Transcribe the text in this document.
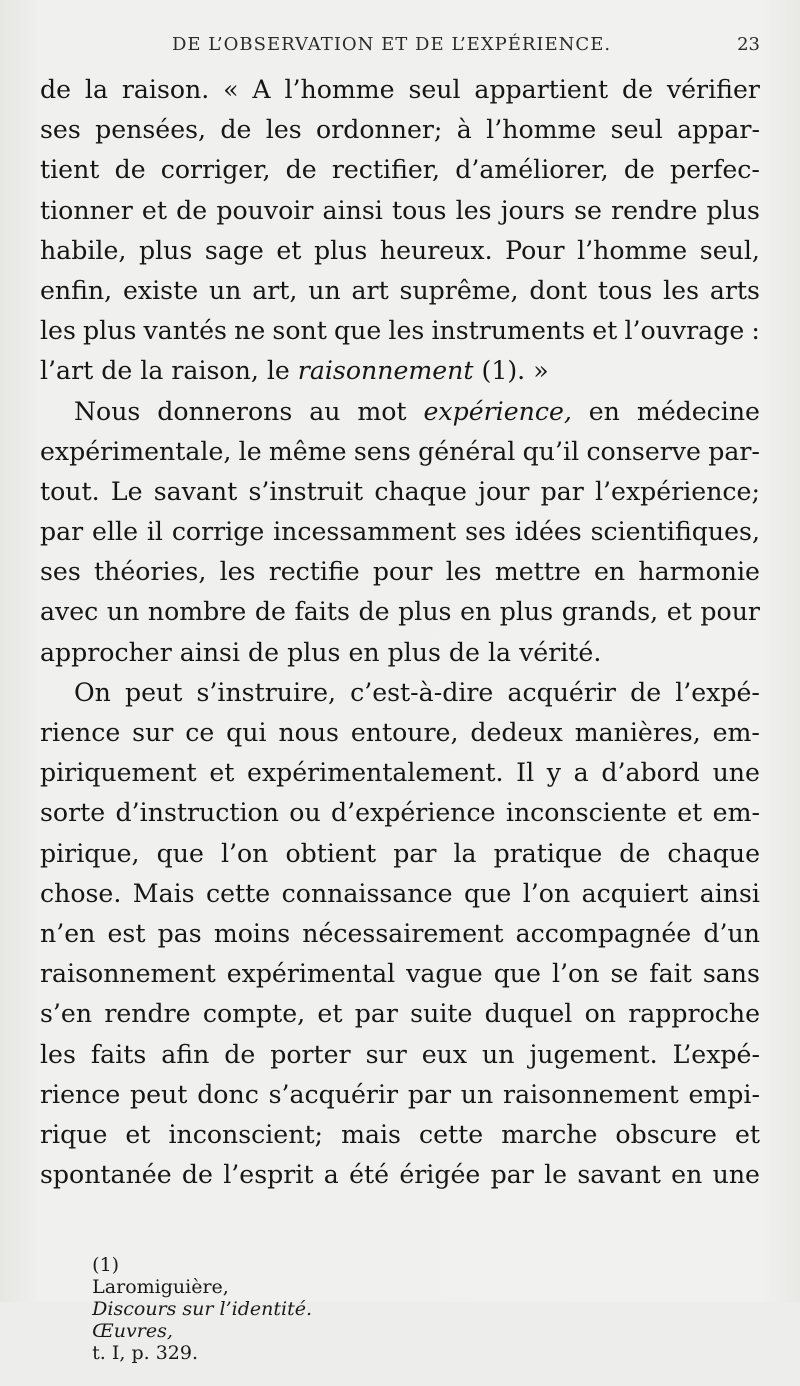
DE L’OBSERVATION ET DE L’EXPÉRIENCE.	23
de la raison. « A l’homme seul appartient de vérifier
ses pensées, de les ordonner; à l’homme seul appar-
tient de corriger, de rectifier, d’améliorer, de perfec-
tionner et de pouvoir ainsi tous les jours se rendre plus
habile, plus sage et plus heureux. Pour l’homme seul,
enfin, existe un art, un art suprême, dont tous les arts
les plus vantés ne sont que les instruments et l’ouvrage :
l’art de la raison, le raisonnement (1). »
Nous donnerons au mot expérience, en médecine
expérimentale, le même sens général qu’il conserve par-
tout. Le savant s’instruit chaque jour par l’expérience;
par elle il corrige incessamment ses idées scientifiques,
ses théories, les rectifie pour les mettre en harmonie
avec un nombre de faits de plus en plus grands, et pour
approcher ainsi de plus en plus de la vérité.
On peut s’instruire, c’est-à-dire acquérir de l’expé-
rience sur ce qui nous entoure, dedeux manières, em-
piriquement et expérimentalement. Il y a d’abord une
sorte d’instruction ou d’expérience inconsciente et em-
pirique, que l’on obtient par la pratique de chaque
chose. Mais cette connaissance que l’on acquiert ainsi
n’en est pas moins nécessairement accompagnée d’un
raisonnement expérimental vague que l’on se fait sans
s’en rendre compte, et par suite duquel on rapproche
les faits afin de porter sur eux un jugement. L’expé-
rience peut donc s’acquérir par un raisonnement empi-
rique et inconscient; mais cette marche obscure et
spontanée de l’esprit a été érigée par le savant en une

(1)
Laromiguière,
Discours sur l’identité.
Œuvres,
t. I, p. 329.
